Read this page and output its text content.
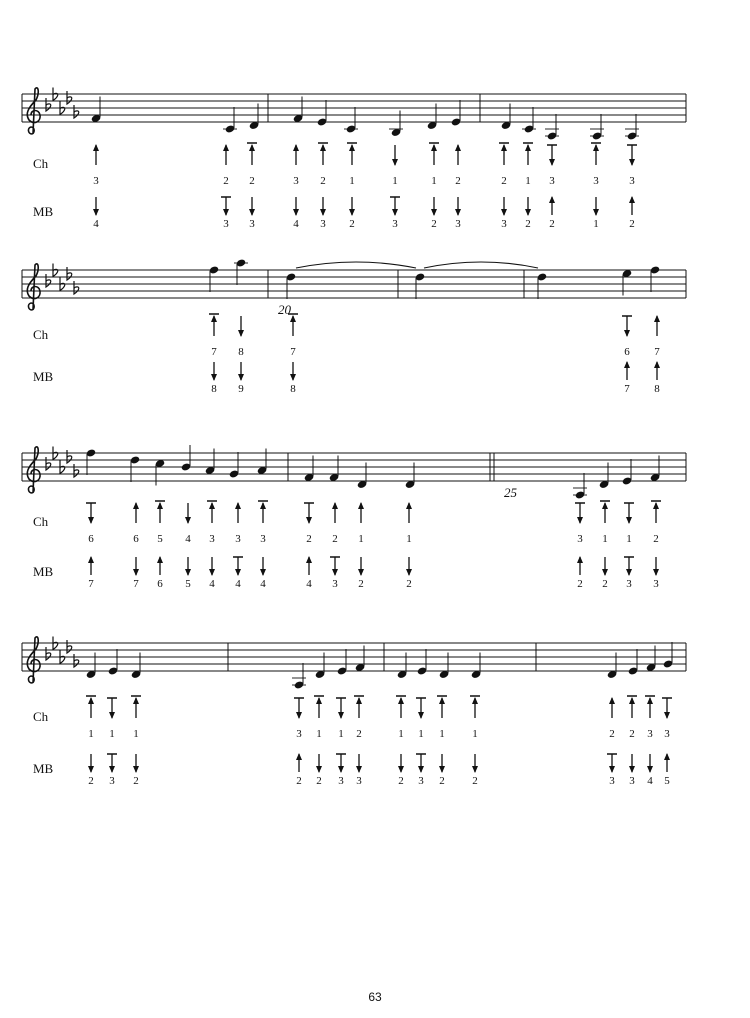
Ch
MB
3
4
2
3
2
3
3
4
2
3
1
2
1
3
1
2
2
3
2
3
1
2
3
2
3
1
3
2
20
Ch
MB
7
8
8
9
7
8
6
7
7
8
25
Ch
MB
6
7
6
7
5
6
4
5
3
4
3
4
3
4
2
4
2
3
1
2
1
2
3
2
1
2
1
3
2
3
Ch
MB
1
2
1
3
1
2
3
2
1
2
1
3
2
3
1
2
1
3
1
2
1
2
2
3
2
3
3
4
3
5
63
